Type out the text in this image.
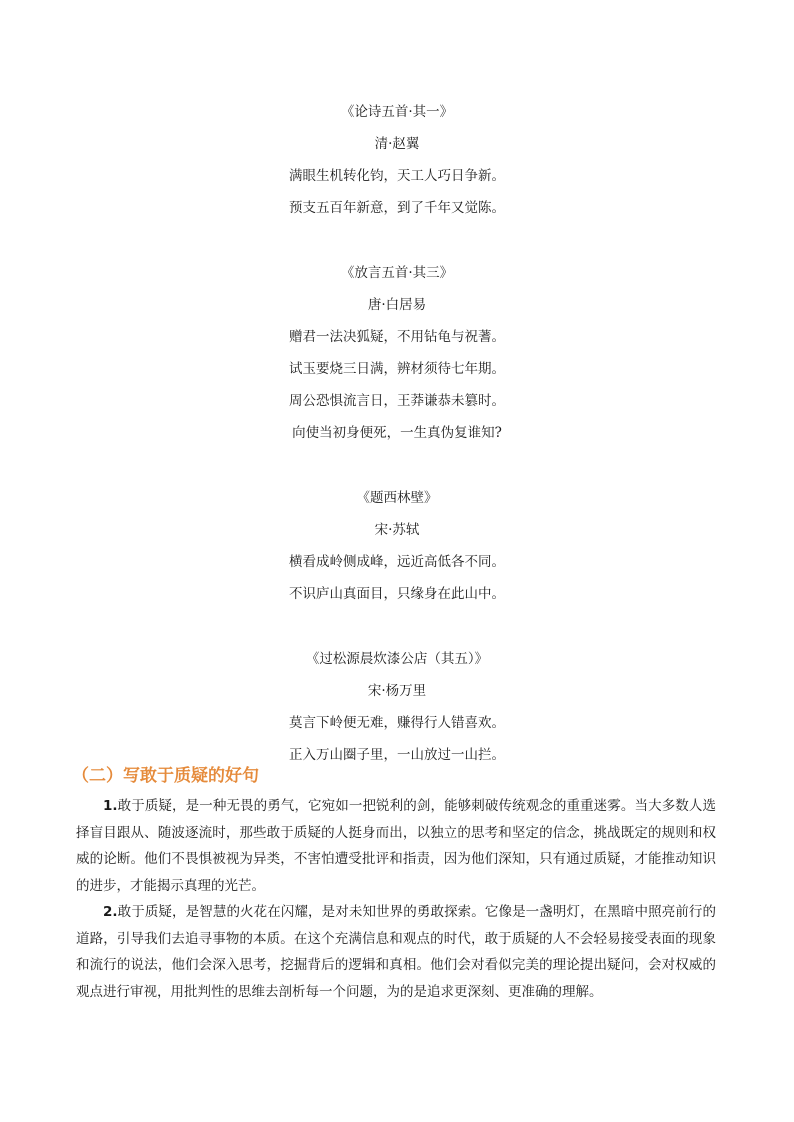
《论诗五首·其一》
清·赵翼
满眼生机转化钧，天工人巧日争新。
预支五百年新意，到了千年又觉陈。
《放言五首·其三》
唐·白居易
赠君一法决狐疑，不用钻龟与祝蓍。
试玉要烧三日满，辨材须待七年期。
周公恐惧流言日，王莽谦恭未篡时。
向使当初身便死，一生真伪复谁知?
《题西林壁》
宋·苏轼
横看成岭侧成峰，远近高低各不同。
不识庐山真面目，只缘身在此山中。
《过松源晨炊漆公店（其五）》
宋·杨万里
莫言下岭便无难，赚得行人错喜欢。
正入万山圈子里，一山放过一山拦。
（二）写敢于质疑的好句

1.敢于质疑，是一种无畏的勇气，它宛如一把锐利的剑，能够刺破传统观念的重重迷雾。当大多数人选择盲目跟从、随波逐流时，那些敢于质疑的人挺身而出，以独立的思考和坚定的信念，挑战既定的规则和权威的论断。他们不畏惧被视为异类，不害怕遭受批评和指责，因为他们深知，只有通过质疑，才能推动知识的进步，才能揭示真理的光芒。

2.敢于质疑，是智慧的火花在闪耀，是对未知世界的勇敢探索。它像是一盏明灯，在黑暗中照亮前行的道路，引导我们去追寻事物的本质。在这个充满信息和观点的时代，敢于质疑的人不会轻易接受表面的现象和流行的说法，他们会深入思考，挖掘背后的逻辑和真相。他们会对看似完美的理论提出疑问，会对权威的观点进行审视，用批判性的思维去剖析每一个问题，为的是追求更深刻、更准确的理解。
